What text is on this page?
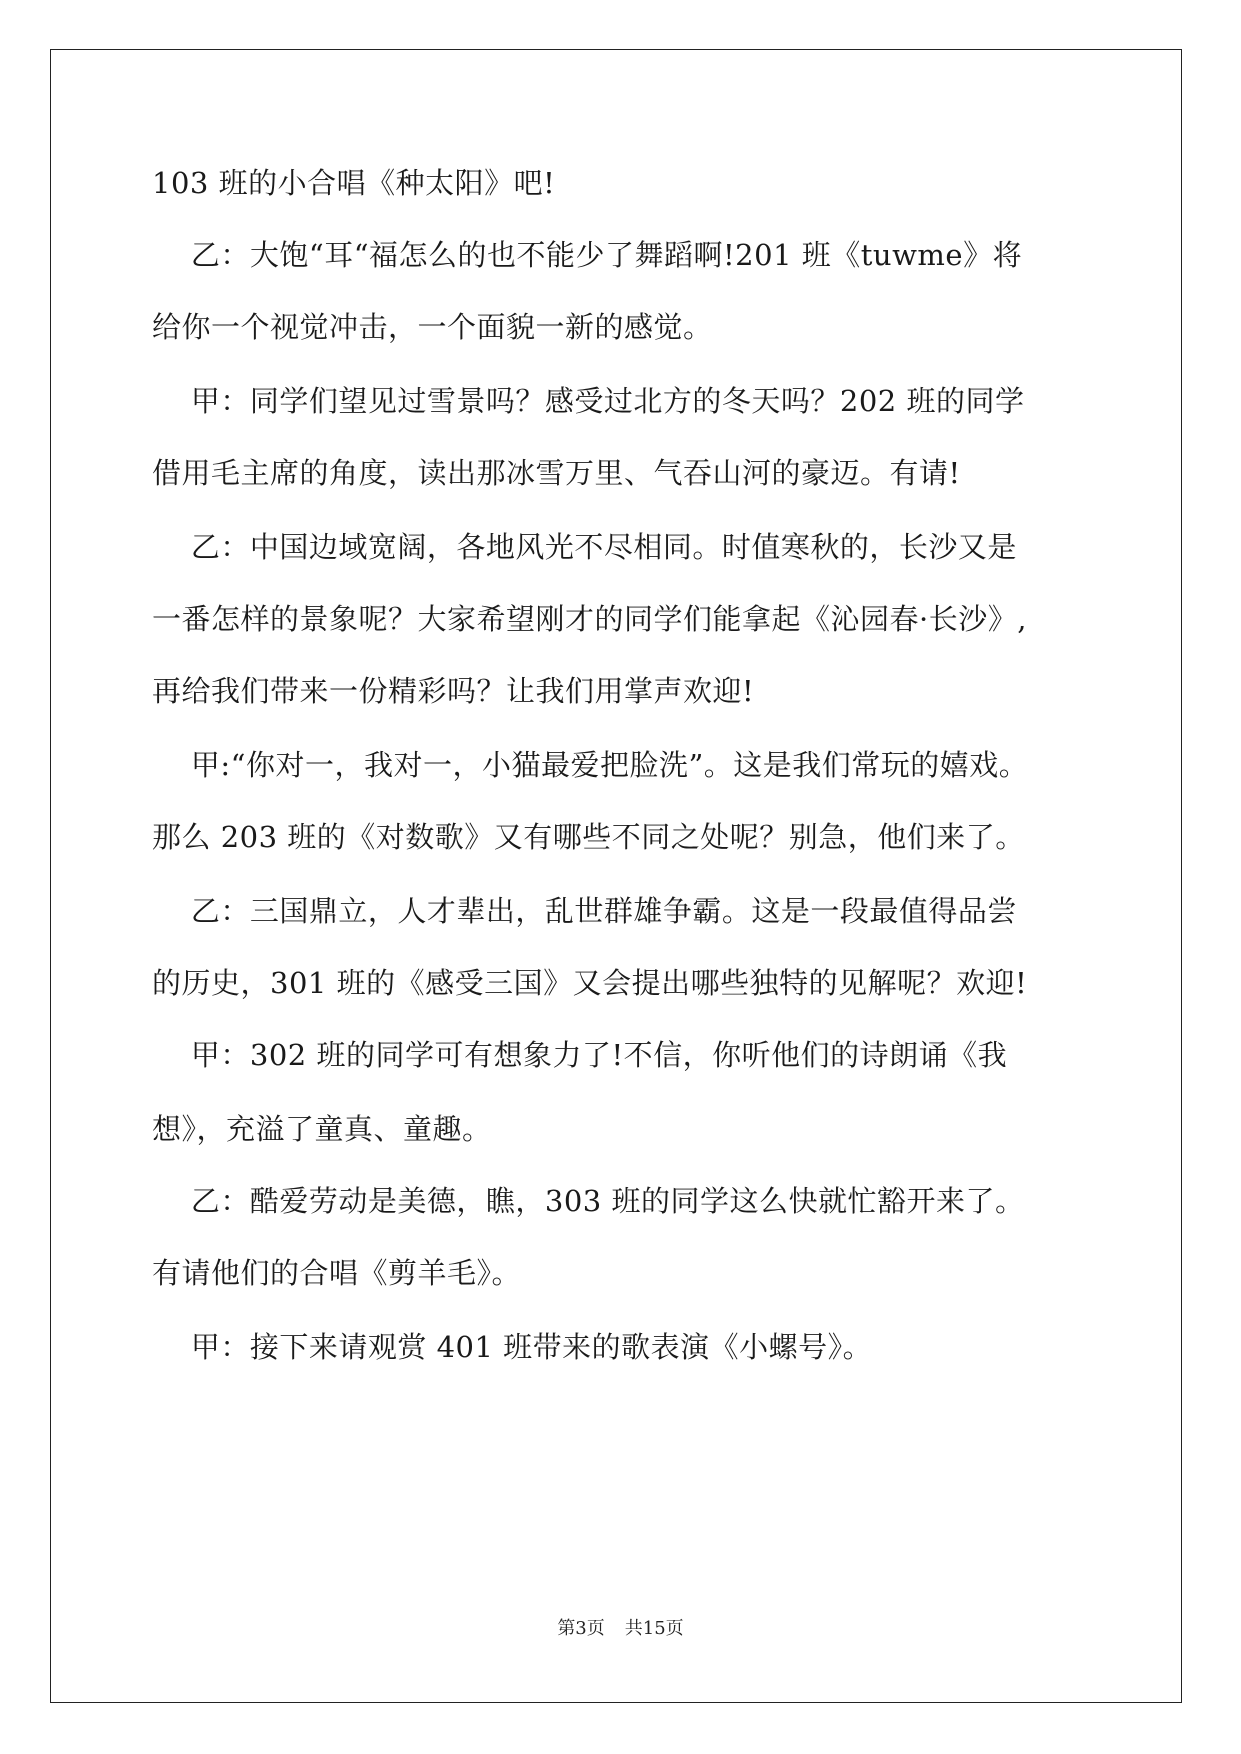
103 班的小合唱《种太阳》吧!
乙：大饱“耳“福怎么的也不能少了舞蹈啊!201 班《tuwme》将
给你一个视觉冲击，一个面貌一新的感觉。
甲：同学们望见过雪景吗？感受过北方的冬天吗？202 班的同学
借用毛主席的角度，读出那冰雪万里、气吞山河的豪迈。有请!
乙：中国边域宽阔，各地风光不尽相同。时值寒秋的，长沙又是
一番怎样的景象呢？大家希望刚才的同学们能拿起《沁园春·长沙》,
再给我们带来一份精彩吗？让我们用掌声欢迎!
甲:“你对一，我对一，小猫最爱把脸洗”。这是我们常玩的嬉戏。
那么 203 班的《对数歌》又有哪些不同之处呢？别急，他们来了。
乙：三国鼎立，人才辈出，乱世群雄争霸。这是一段最值得品尝
的历史，301 班的《感受三国》又会提出哪些独特的见解呢？欢迎!
甲：302 班的同学可有想象力了!不信，你听他们的诗朗诵《我
想》，充溢了童真、童趣。
乙：酷爱劳动是美德，瞧，303 班的同学这么快就忙豁开来了。
有请他们的合唱《剪羊毛》。
甲：接下来请观赏 401 班带来的歌表演《小螺号》。
第3页 共15页
